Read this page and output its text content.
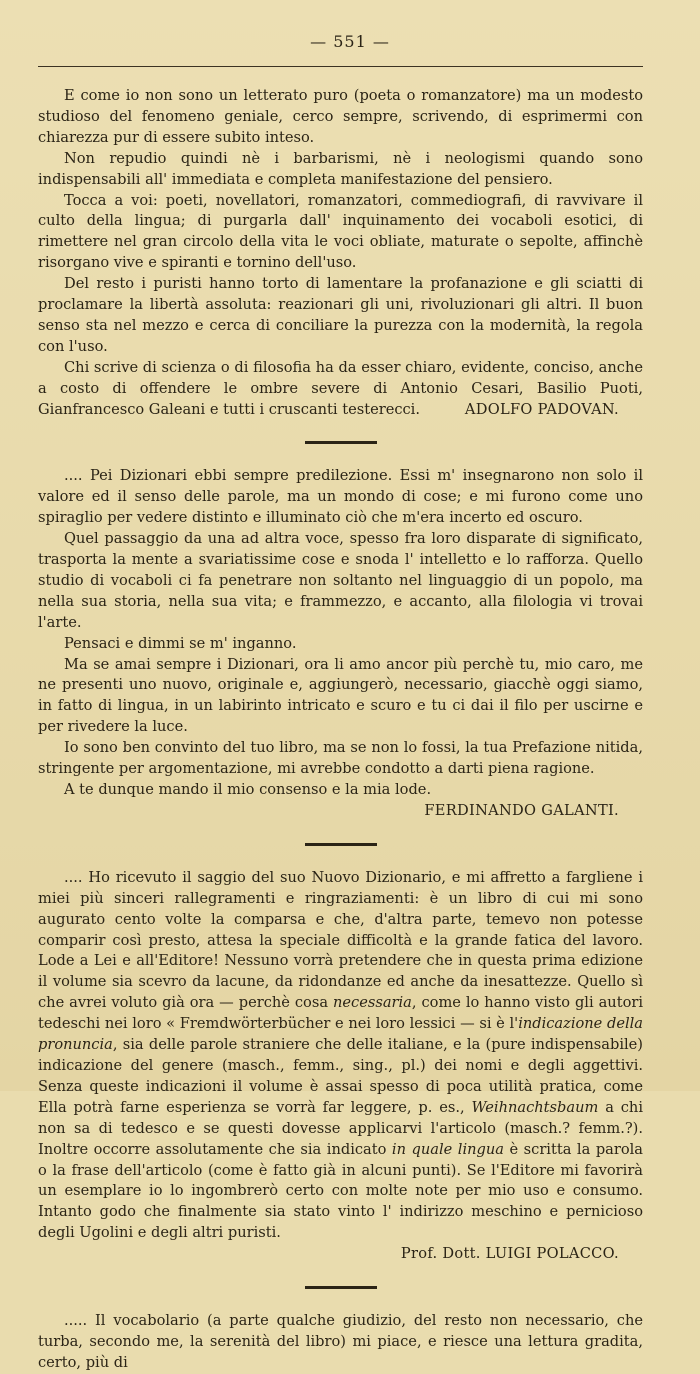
— 551 —

E come io non sono un letterato puro (poeta o romanzatore) ma un modesto studioso del fenomeno geniale, cerco sempre, scrivendo, di esprimermi con chiarezza pur di essere subito inteso.

Non repudio quindi nè i barbarismi, nè i neologismi quando sono indispensabili all' immediata e completa manifestazione del pensiero.

Tocca a voi: poeti, novellatori, romanzatori, commediografi, di ravvivare il culto della lingua; di purgarla dall' inquinamento dei vocaboli esotici, di rimettere nel gran circolo della vita le voci obliate, maturate o sepolte, affinchè risorgano vive e spiranti e tornino dell'uso.

Del resto i puristi hanno torto di lamentare la profanazione e gli sciatti di proclamare la libertà assoluta: reazionari gli uni, rivoluzionari gli altri. Il buon senso sta nel mezzo e cerca di conciliare la purezza con la modernità, la regola con l'uso.

Chi scrive di scienza o di filosofia ha da esser chiaro, evidente, conciso, anche a costo di offendere le ombre severe di Antonio Cesari, Basilio Puoti, Gianfrancesco Galeani e tutti i cruscanti testerecci.	ADOLFO PADOVAN.

.... Pei Dizionari ebbi sempre predilezione. Essi m' insegnarono non solo il valore ed il senso delle parole, ma un mondo di cose; e mi furono come uno spiraglio per vedere distinto e illuminato ciò che m'era incerto ed oscuro.

Quel passaggio da una ad altra voce, spesso fra loro disparate di significato, trasporta la mente a svariatissime cose e snoda l' intelletto e lo rafforza. Quello studio di vocaboli ci fa penetrare non soltanto nel linguaggio di un popolo, ma nella sua storia, nella sua vita; e frammezzo, e accanto, alla filologia vi trovai l'arte.

Pensaci e dimmi se m' inganno.

Ma se amai sempre i Dizionari, ora li amo ancor più perchè tu, mio caro, me ne presenti uno nuovo, originale e, aggiungerò, necessario, giacchè oggi siamo, in fatto di lingua, in un labirinto intricato e scuro e tu ci dai il filo per uscirne e per rivedere la luce.

Io sono ben convinto del tuo libro, ma se non lo fossi, la tua Prefazione nitida, stringente per argomentazione, mi avrebbe condotto a darti piena ragione.

A te dunque mando il mio consenso e la mia lode.

FERDINANDO GALANTI.

.... Ho ricevuto il saggio del suo Nuovo Dizionario, e mi affretto a fargliene i miei più sinceri rallegramenti e ringraziamenti: è un libro di cui mi sono augurato cento volte la comparsa e che, d'altra parte, temevo non potesse comparir così presto, attesa la speciale difficoltà e la grande fatica del lavoro. Lode a Lei e all'Editore! Nessuno vorrà pretendere che in questa prima edizione il volume sia scevro da lacune, da ridondanze ed anche da inesattezze. Quello sì che avrei voluto già ora — perchè cosa necessaria, come lo hanno visto gli autori tedeschi nei loro « Fremdwörterbücher e nei loro lessici — si è l'indicazione della pronuncia, sia delle parole straniere che delle italiane, e la (pure indispensabile) indicazione del genere (masch., femm., sing., pl.) dei nomi e degli aggettivi. Senza queste indicazioni il volume è assai spesso di poca utilità pratica, come Ella potrà farne esperienza se vorrà far leggere, p. es., Weihnachtsbaum a chi non sa di tedesco e se questi dovesse applicarvi l'articolo (masch.? femm.?). Inoltre occorre assolutamente che sia indicato in quale lingua è scritta la parola o la frase dell'articolo (come è fatto già in alcuni punti). Se l'Editore mi favorirà un esemplare io lo ingombrerò certo con molte note per mio uso e consumo. Intanto godo che finalmente sia stato vinto l' indirizzo meschino e pernicioso degli Ugolini e degli altri puristi.

Prof. Dott. LUIGI POLACCO.

..... Il vocabolario (a parte qualche giudizio, del resto non necessario, che turba, secondo me, la serenità del libro) mi piace, e riesce una lettura gradita, certo, più di
